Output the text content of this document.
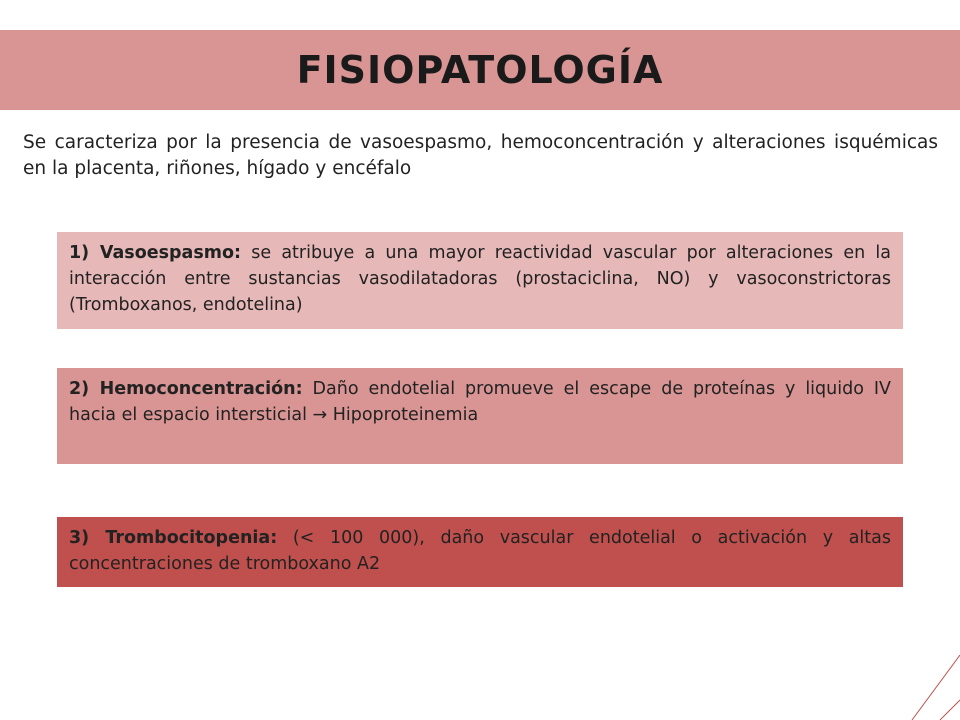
FISIOPATOLOGÍA
Se caracteriza por la presencia de vasoespasmo, hemoconcentración y alteraciones isquémicas en la placenta, riñones, hígado y encéfalo
1) Vasoespasmo: se atribuye a una mayor reactividad vascular por alteraciones en la interacción entre sustancias vasodilatadoras (prostaciclina, NO) y vasoconstrictoras (Tromboxanos, endotelina)
2) Hemoconcentración: Daño endotelial promueve el escape de proteínas y liquido IV hacia el espacio intersticial → Hipoproteinemia
3) Trombocitopenia: (< 100 000), daño vascular endotelial o activación y altas concentraciones de tromboxano A2
